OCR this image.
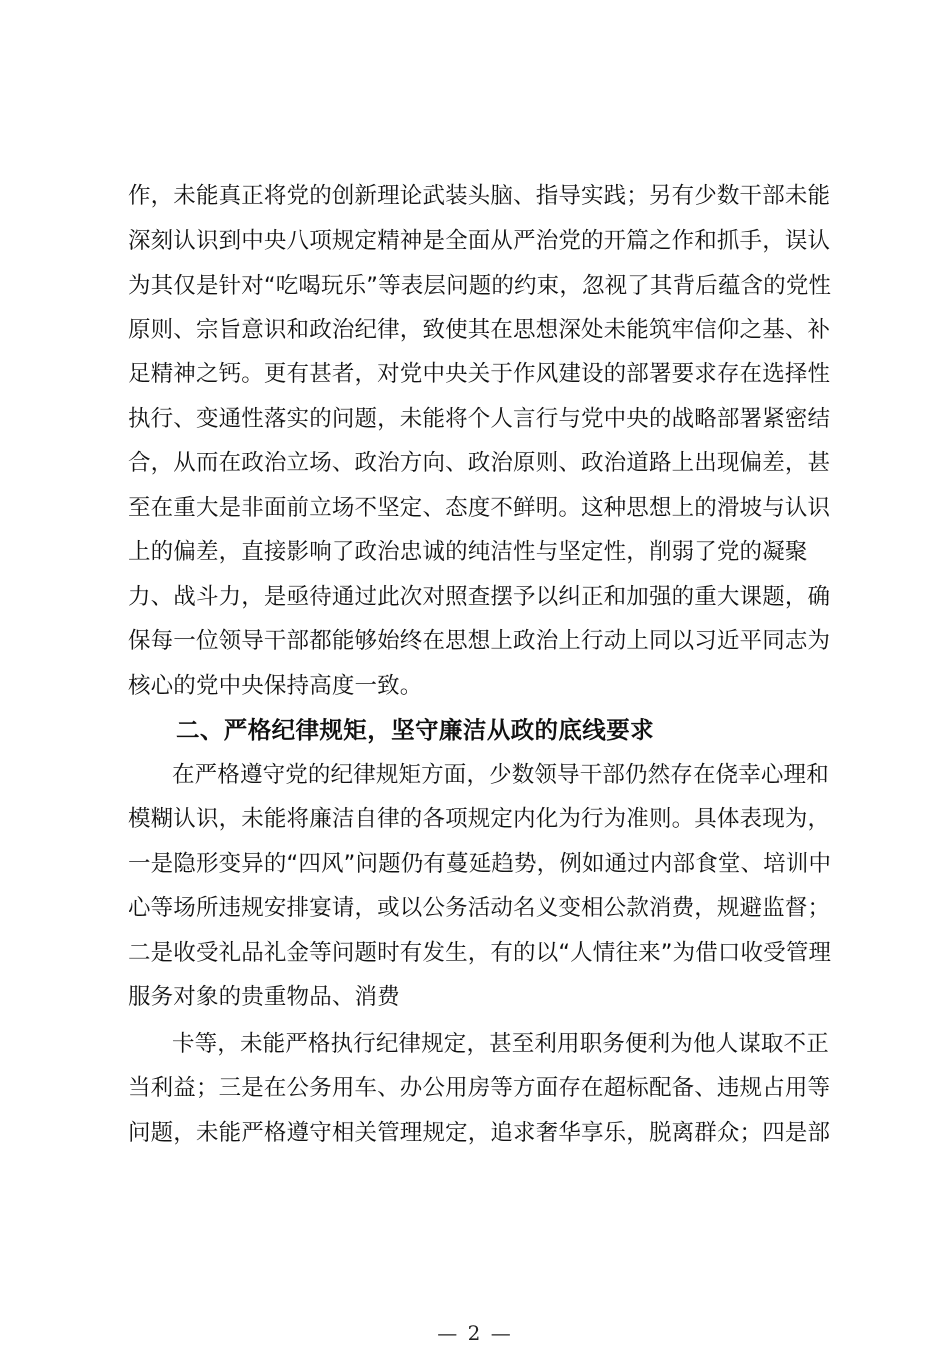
作，未能真正将党的创新理论武装头脑、指导实践；另有少数干部未能
深刻认识到中央八项规定精神是全面从严治党的开篇之作和抓手，误认
为其仅是针对“吃喝玩乐”等表层问题的约束，忽视了其背后蕴含的党性
原则、宗旨意识和政治纪律，致使其在思想深处未能筑牢信仰之基、补
足精神之钙。更有甚者，对党中央关于作风建设的部署要求存在选择性
执行、变通性落实的问题，未能将个人言行与党中央的战略部署紧密结
合，从而在政治立场、政治方向、政治原则、政治道路上出现偏差，甚
至在重大是非面前立场不坚定、态度不鲜明。这种思想上的滑坡与认识
上的偏差，直接影响了政治忠诚的纯洁性与坚定性，削弱了党的凝聚
力、战斗力，是亟待通过此次对照查摆予以纠正和加强的重大课题，确
保每一位领导干部都能够始终在思想上政治上行动上同以习近平同志为
核心的党中央保持高度一致。
二、严格纪律规矩，坚守廉洁从政的底线要求
在严格遵守党的纪律规矩方面，少数领导干部仍然存在侥幸心理和
模糊认识，未能将廉洁自律的各项规定内化为行为准则。具体表现为，
一是隐形变异的“四风”问题仍有蔓延趋势，例如通过内部食堂、培训中
心等场所违规安排宴请，或以公务活动名义变相公款消费，规避监督；
二是收受礼品礼金等问题时有发生，有的以“人情往来”为借口收受管理
服务对象的贵重物品、消费
卡等，未能严格执行纪律规定，甚至利用职务便利为他人谋取不正
当利益；三是在公务用车、办公用房等方面存在超标配备、违规占用等
问题，未能严格遵守相关管理规定，追求奢华享乐，脱离群众；四是部
— 2 —
